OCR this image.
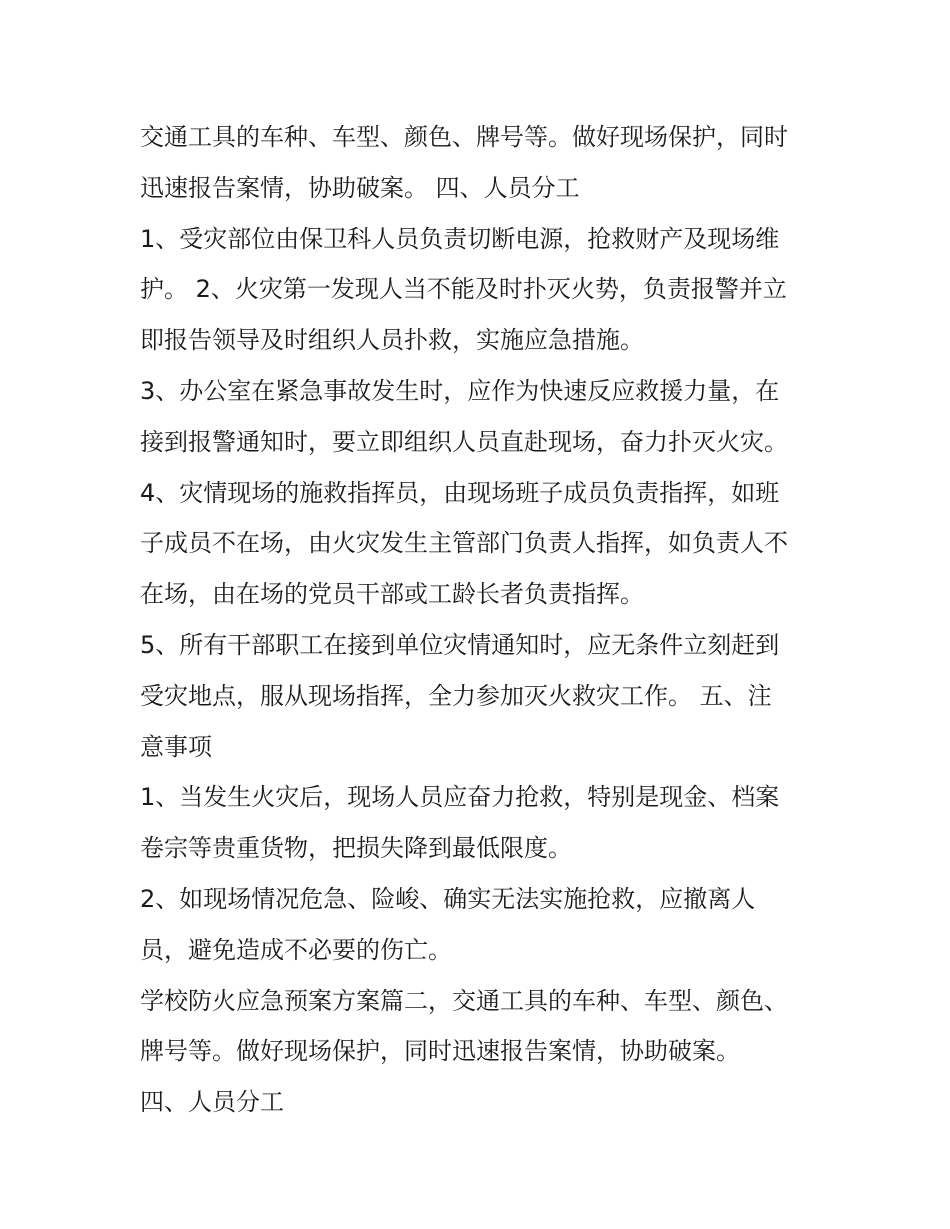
交通工具的车种、车型、颜色、牌号等。做好现场保护，同时

迅速报告案情，协助破案。 四、人员分工

1、受灾部位由保卫科人员负责切断电源，抢救财产及现场维

护。 2、火灾第一发现人当不能及时扑灭火势，负责报警并立

即报告领导及时组织人员扑救，实施应急措施。

3、办公室在紧急事故发生时，应作为快速反应救援力量，在

接到报警通知时，要立即组织人员直赴现场，奋力扑灭火灾。

4、灾情现场的施救指挥员，由现场班子成员负责指挥，如班

子成员不在场，由火灾发生主管部门负责人指挥，如负责人不

在场，由在场的党员干部或工龄长者负责指挥。

5、所有干部职工在接到单位灾情通知时，应无条件立刻赶到

受灾地点，服从现场指挥，全力参加灭火救灾工作。 五、注

意事项

1、当发生火灾后，现场人员应奋力抢救，特别是现金、档案

卷宗等贵重货物，把损失降到最低限度。

2、如现场情况危急、险峻、确实无法实施抢救，应撤离人

员，避免造成不必要的伤亡。

学校防火应急预案方案篇二，交通工具的车种、车型、颜色、

牌号等。做好现场保护，同时迅速报告案情，协助破案。

四、人员分工
